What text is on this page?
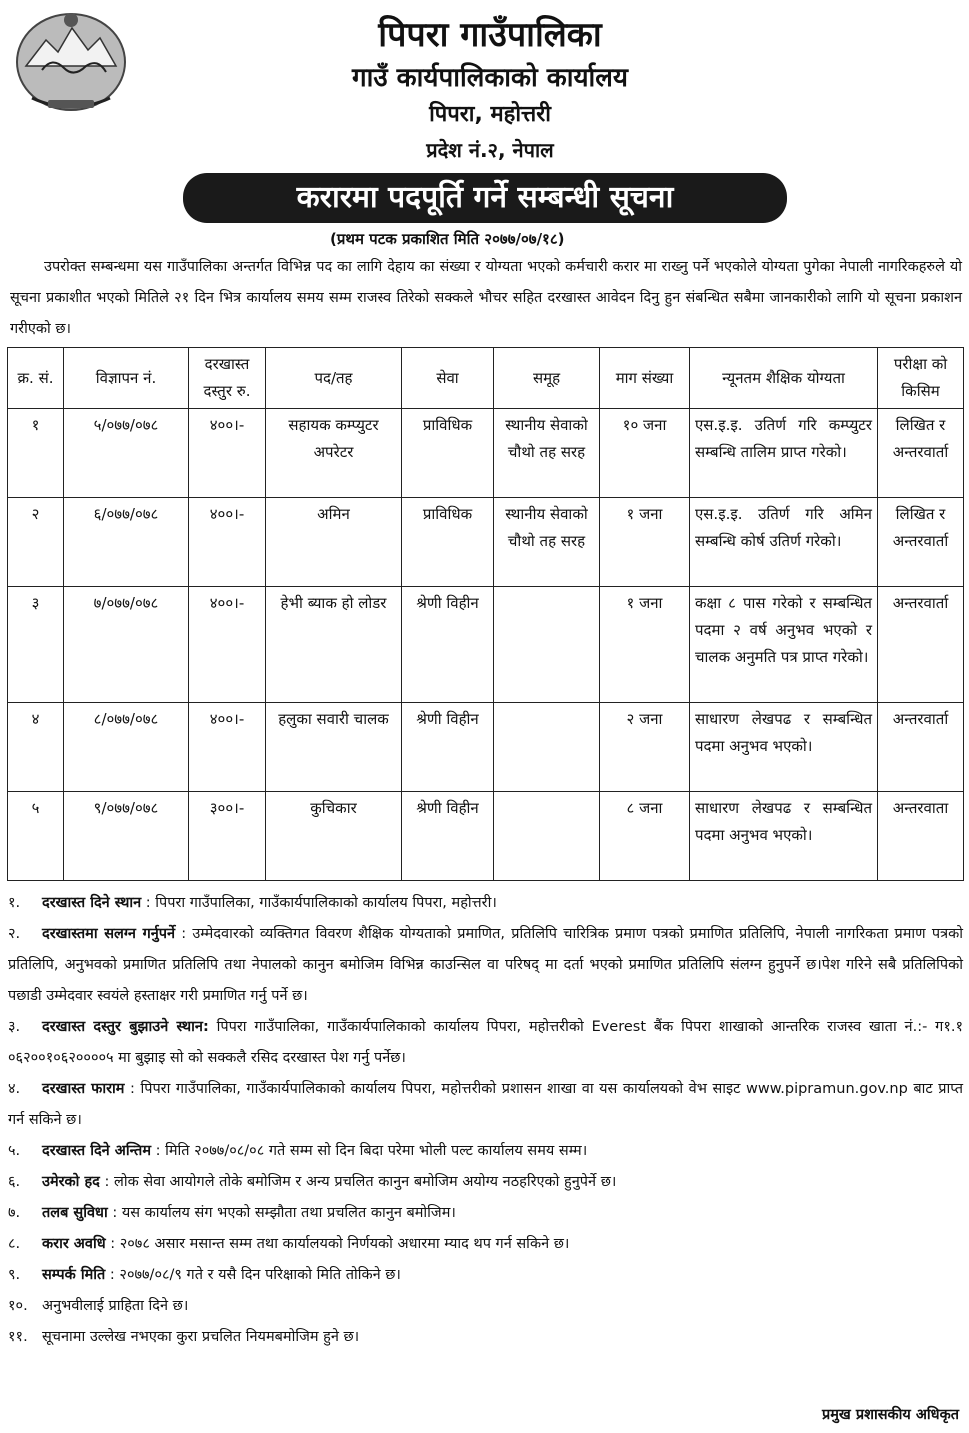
पिपरा गाउँपालिका
गाउँ कार्यपालिकाको कार्यालय
पिपरा, महोत्तरी
प्रदेश नं.२, नेपाल
करारमा पदपूर्ति गर्ने सम्बन्धी सूचना
(प्रथम पटक प्रकाशित मिति २०७७/०७/१८)
उपरोक्त सम्बन्धमा यस गाउँपालिका अन्तर्गत विभिन्न पद का लागि देहाय का संख्या र योग्यता भएको कर्मचारी करार मा राख्नु पर्ने भएकोले योग्यता पुगेका नेपाली नागरिकहरुले यो सूचना प्रकाशीत भएको मितिले २१ दिन भित्र कार्यालय समय सम्म राजस्व तिरेको सक्कले भौचर सहित दरखास्त आवेदन दिनु हुन संबन्धित सबैमा जानकारीको लागि यो सूचना प्रकाशन गरीएको छ।
क्र. सं.	विज्ञापन नं.	दरखास्त दस्तुर रु.	पद/तह	सेवा	समूह	माग संख्या	न्यूनतम शैक्षिक योग्यता	परीक्षा को किसिम

१	५/०७७/०७८	४००।-	सहायक कम्प्युटर अपरेटर	प्राविधिक	स्थानीय सेवाको चौथो तह सरह	१० जना	एस.इ.इ. उतिर्ण गरि कम्प्युटर सम्बन्धि तालिम प्राप्त गरेको।	लिखित र अन्तरवार्ता
२	६/०७७/०७८	४००।-	अमिन	प्राविधिक	स्थानीय सेवाको चौथो तह सरह	१ जना	एस.इ.इ. उतिर्ण गरि अमिन सम्बन्धि कोर्ष उतिर्ण गरेको।	लिखित र अन्तरवार्ता
३	७/०७७/०७८	४००।-	हेभी ब्याक हो लोडर	श्रेणी विहीन		१ जना	कक्षा ८ पास गरेको र सम्बन्धित पदमा २ वर्ष अनुभव भएको र चालक अनुमति पत्र प्राप्त गरेको।	अन्तरवार्ता
४	८/०७७/०७८	४००।-	हलुका सवारी चालक	श्रेणी विहीन		२ जना	साधारण लेखपढ र सम्बन्धित पदमा अनुभव भएको।	अन्तरवार्ता
५	९/०७७/०७८	३००।-	कुचिकार	श्रेणी विहीन		८ जना	साधारण लेखपढ र सम्बन्धित पदमा अनुभव भएको।	अन्तरवाता
१. दरखास्त दिने स्थान : पिपरा गाउँपालिका, गाउँकार्यपालिकाको कार्यालय पिपरा, महोत्तरी।
२. दरखास्तमा सलग्न गर्नुपर्ने : उम्मेदवारको व्यक्तिगत विवरण शैक्षिक योग्यताको प्रमाणित, प्रतिलिपि चारित्रिक प्रमाण पत्रको प्रमाणित प्रतिलिपि, नेपाली नागरिकता प्रमाण पत्रको प्रतिलिपि, अनुभवको प्रमाणित प्रतिलिपि तथा नेपालको कानुन बमोजिम विभिन्न काउन्सिल वा परिषद् मा दर्ता भएको प्रमाणित प्रतिलिपि संलग्न हुनुपर्ने छ।पेश गरिने सबै प्रतिलिपिको पछाडी उम्मेदवार स्वयंले हस्ताक्षर गरी प्रमाणित गर्नु पर्ने छ।
३. दरखास्त दस्तुर बुझाउने स्थान: पिपरा गाउँपालिका, गाउँकार्यपालिकाको कार्यालय पिपरा, महोत्तरीको Everest बैंक पिपरा शाखाको आन्तरिक राजस्व खाता नं.:- ग१.१ ०६२००१०६२००००५ मा बुझाइ सो को सक्कलै रसिद दरखास्त पेश गर्नु पर्नेछ।
४. दरखास्त फाराम : पिपरा गाउँपालिका, गाउँकार्यपालिकाको कार्यालय पिपरा, महोत्तरीको प्रशासन शाखा वा यस कार्यालयको वेभ साइट www.pipramun.gov.np बाट प्राप्त गर्न सकिने छ।
५. दरखास्त दिने अन्तिम : मिति २०७७/०८/०८ गते सम्म सो दिन बिदा परेमा भोली पल्ट कार्यालय समय सम्म।
६. उमेरको हद : लोक सेवा आयोगले तोके बमोजिम र अन्य प्रचलित कानुन बमोजिम अयोग्य नठहरिएको हुनुपेर्ने छ।
७. तलब सुविधा : यस कार्यालय संग भएको सम्झौता तथा प्रचलित कानुन बमोजिम।
८. करार अवधि : २०७८ असार मसान्त सम्म तथा कार्यालयको निर्णयको अधारमा म्याद थप गर्न सकिने छ।
९. सम्पर्क मिति : २०७७/०८/९ गते र यसै दिन परिक्षाको मिति तोकिने छ।
१०. अनुभवीलाई प्राहिता दिने छ।
११. सूचनामा उल्लेख नभएका कुरा प्रचलित नियमबमोजिम हुने छ।
प्रमुख प्रशासकीय अधिकृत
